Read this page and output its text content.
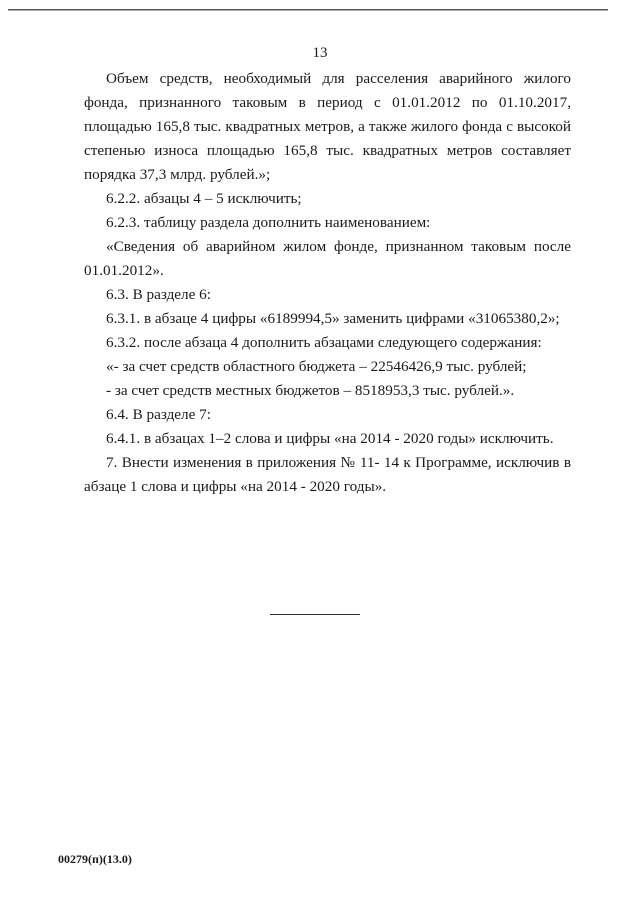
13

Объем средств, необходимый для расселения аварийного жилого фонда, признанного таковым в период с 01.01.2012 по 01.10.2017, площадью 165,8 тыс. квадратных метров, а также жилого фонда с высокой степенью износа площадью 165,8 тыс. квадратных метров составляет порядка 37,3 млрд. рублей.»;

6.2.2. абзацы 4 – 5 исключить;

6.2.3. таблицу раздела дополнить наименованием:

«Сведения об аварийном жилом фонде, признанном таковым после 01.01.2012».

6.3. В разделе 6:

6.3.1. в абзаце 4 цифры «6189994,5» заменить цифрами «31065380,2»;

6.3.2. после абзаца 4 дополнить абзацами следующего содержания:

«- за счет средств областного бюджета – 22546426,9 тыс. рублей;

- за счет средств местных бюджетов – 8518953,3 тыс. рублей.».

6.4. В разделе 7:

6.4.1. в абзацах 1–2 слова и цифры «на 2014 - 2020 годы» исключить.

7. Внести изменения в приложения № 11- 14 к Программе, исключив в абзаце 1 слова и цифры «на 2014 - 2020 годы».

00279(п)(13.0)
